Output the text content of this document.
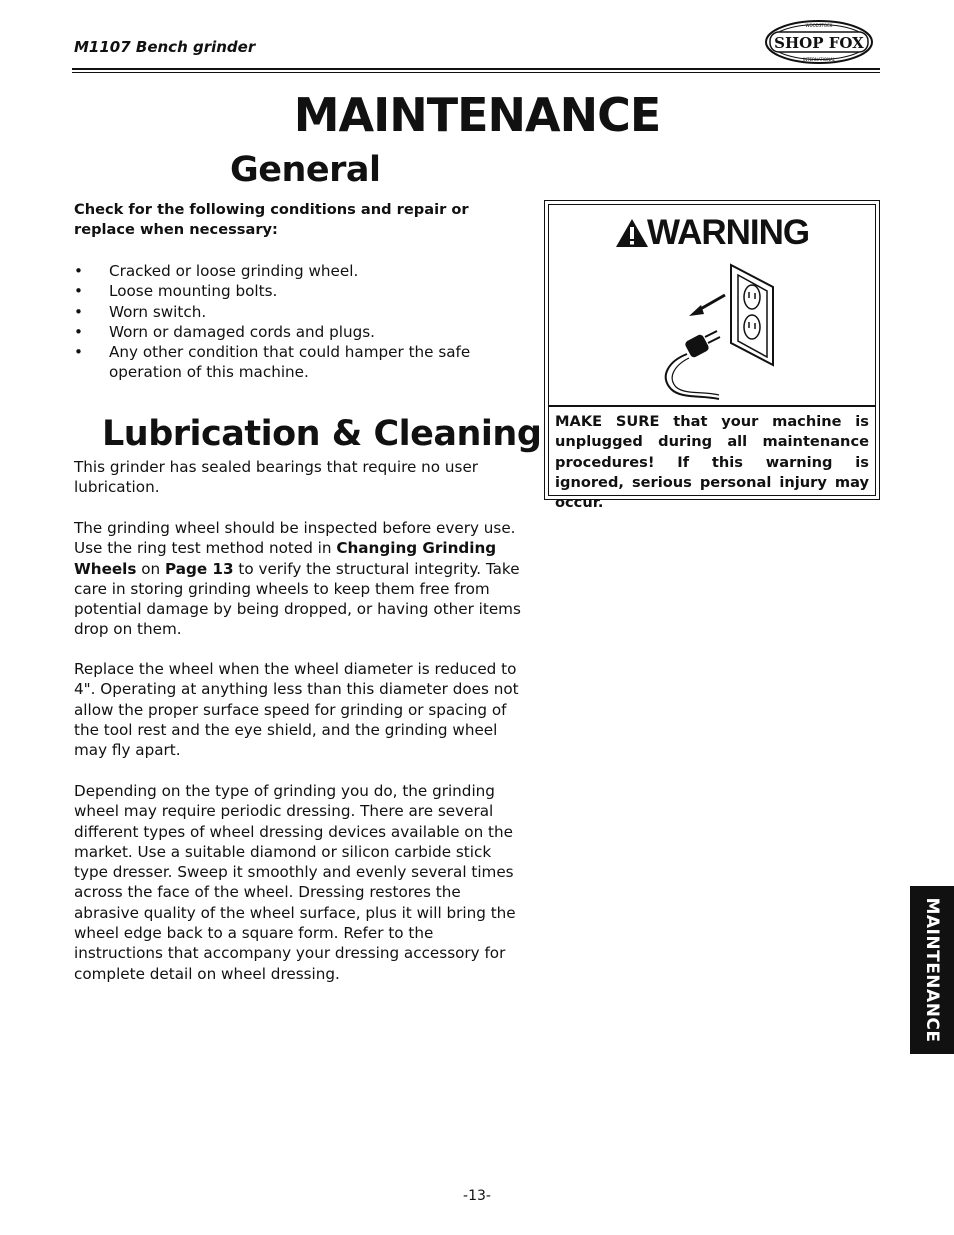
M1107 Bench grinder	SHOP FOX
WOODSTOCK
INTERNATIONAL
MAINTENANCE
General
Check for the following conditions and repair or replace when necessary:
• Cracked or loose grinding wheel.
• Loose mounting bolts.
• Worn switch.
• Worn or damaged cords and plugs.
• Any other condition that could hamper the safe operation of this machine.
Lubrication & Cleaning

This grinder has sealed bearings that require no user lubrication.

The grinding wheel should be inspected before every use. Use the ring test method noted in Changing Grinding Wheels on Page 13 to verify the structural integrity. Take care in storing grinding wheels to keep them free from potential damage by being dropped, or having other items drop on them.

Replace the wheel when the wheel diameter is reduced to 4". Operating at anything less than this diameter does not allow the proper surface speed for grinding or spacing of the tool rest and the eye shield, and the grinding wheel may fly apart.

Depending on the type of grinding you do, the grinding wheel may require periodic dressing. There are several different types of wheel dressing devices available on the market. Use a suitable diamond or silicon carbide stick type dresser. Sweep it smoothly and evenly several times across the face of the wheel. Dressing restores the abrasive quality of the wheel surface, plus it will bring the wheel edge back to a square form. Refer to the instructions that accompany your dressing accessory for complete detail on wheel dressing.

WARNING
MAKE SURE that your machine is unplugged during all maintenance procedures! If this warning is ignored, serious personal injury may occur.
MAINTENANCE
-13-
